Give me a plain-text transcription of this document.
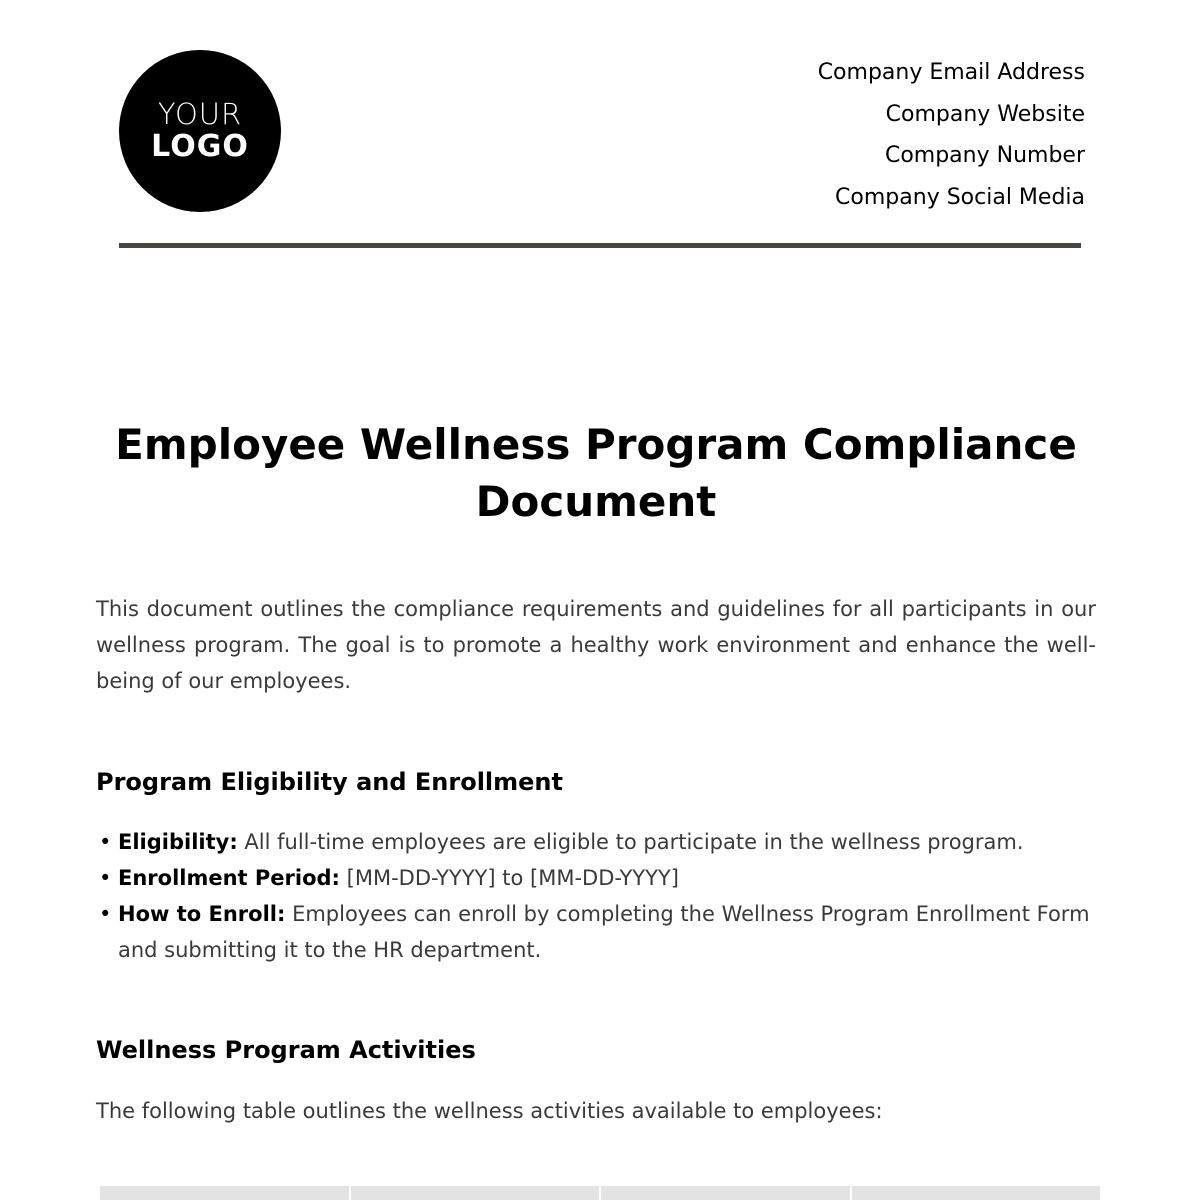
YOUR
LOGO
Company Email Address
Company Website
Company Number
Company Social Media
Employee Wellness Program Compliance Document

This document outlines the compliance requirements and guidelines for all participants in our wellness program. The goal is to promote a healthy work environment and enhance the well-being of our employees.

Program Eligibility and Enrollment
• Eligibility: All full-time employees are eligible to participate in the wellness program.
• Enrollment Period: [MM-DD-YYYY] to [MM-DD-YYYY]
• How to Enroll: Employees can enroll by completing the Wellness Program Enrollment Form and submitting it to the HR department.
Wellness Program Activities

The following table outlines the wellness activities available to employees:
